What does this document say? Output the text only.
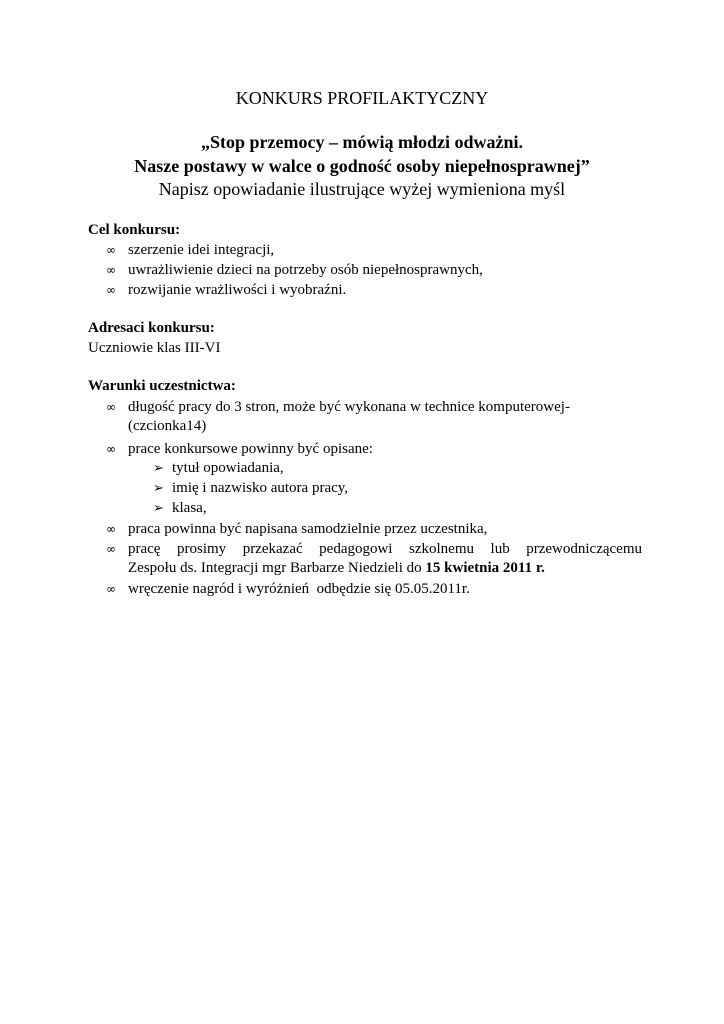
KONKURS PROFILAKTYCZNY
„Stop przemocy – mówią młodzi odważni.
Nasze postawy w walce o godność osoby niepełnosprawnej”
Napisz opowiadanie ilustrujące wyżej wymieniona myśl
Cel konkursu:
∞ szerzenie idei integracji,
∞ uwrażliwienie dzieci na potrzeby osób niepełnosprawnych,
∞ rozwijanie wrażliwości i wyobraźni.
Adresaci konkursu:
Uczniowie klas III-VI
Warunki uczestnictwa:
∞ długość pracy do 3 stron, może być wykonana w technice komputerowej-
(czcionka14)
∞ prace konkursowe powinny być opisane:
➢ tytuł opowiadania,
➢ imię i nazwisko autora pracy,
➢ klasa,
∞ praca powinna być napisana samodzielnie przez uczestnika,
∞ pracę prosimy przekazać pedagogowi szkolnemu lub przewodniczącemu
Zespołu ds. Integracji mgr Barbarze Niedzieli do 15 kwietnia 2011 r.
∞ wręczenie nagród i wyróżnień  odbędzie się 05.05.2011r.
